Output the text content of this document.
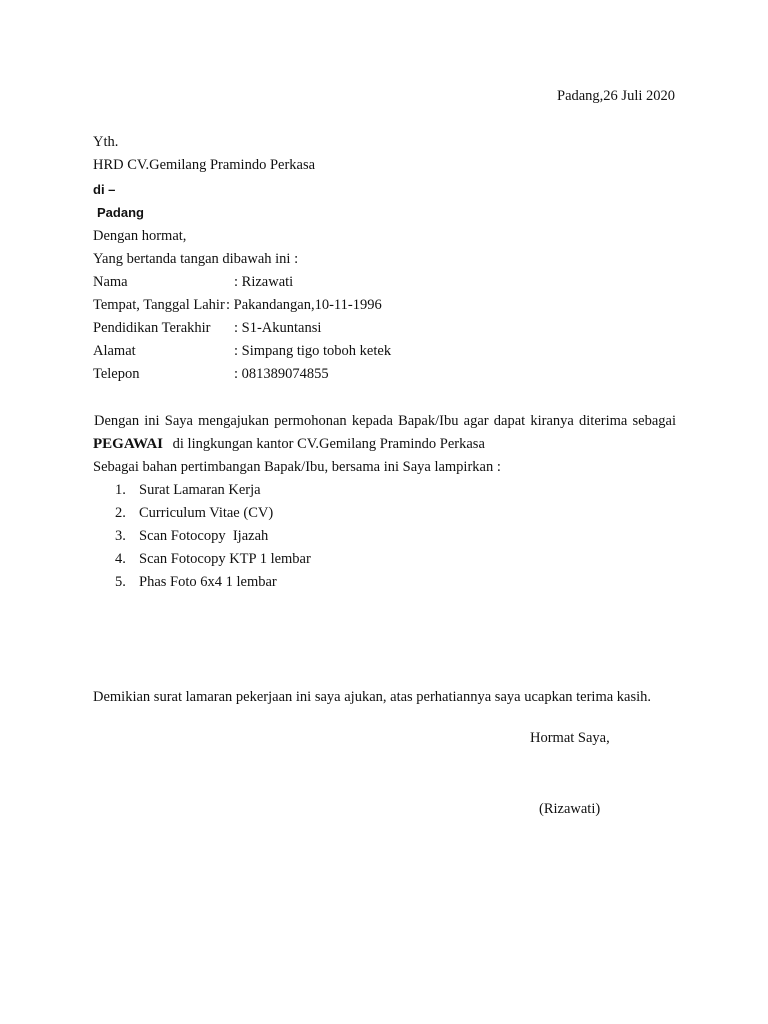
Padang,26 Juli 2020
Yth.
HRD CV.Gemilang Pramindo Perkasa
di –
Padang
Dengan hormat,
Yang bertanda tangan dibawah ini :
Nama	: Rizawati
Tempat, Tanggal Lahir : Pakandangan,10-11-1996
Pendidikan Terakhir : S1-Akuntansi
Alamat	: Simpang tigo toboh ketek
Telepon	: 081389074855
Dengan ini Saya mengajukan permohonan kepada Bapak/Ibu agar dapat kiranya diterima sebagai
PEGAWAI di lingkungan kantor CV.Gemilang Pramindo Perkasa
Sebagai bahan pertimbangan Bapak/Ibu, bersama ini Saya lampirkan :
1. Surat Lamaran Kerja
2. Curriculum Vitae (CV)
3. Scan Fotocopy  Ijazah
4. Scan Fotocopy KTP 1 lembar
5. Phas Foto 6x4 1 lembar
Demikian surat lamaran pekerjaan ini saya ajukan, atas perhatiannya saya ucapkan terima kasih.
Hormat Saya,
(Rizawati)
